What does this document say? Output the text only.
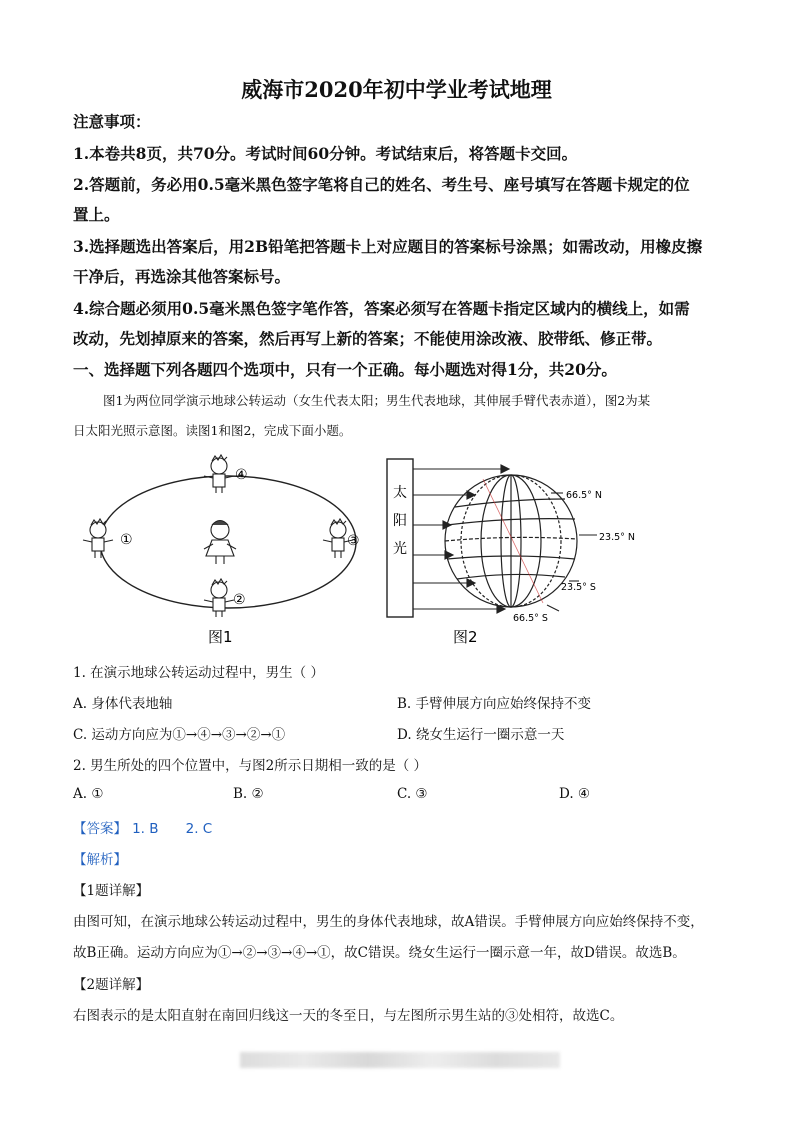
威海市2020年初中学业考试地理
注意事项：
1.本卷共8页，共70分。考试时间60分钟。考试结束后，将答题卡交回。
2.答题前，务必用0.5毫米黑色签字笔将自己的姓名、考生号、座号填写在答题卡规定的位
置上。
3.选择题选出答案后，用2B铅笔把答题卡上对应题目的答案标号涂黑；如需改动，用橡皮擦
干净后，再选涂其他答案标号。
4.综合题必须用0.5毫米黑色签字笔作答，答案必须写在答题卡指定区域内的横线上，如需
改动，先划掉原来的答案，然后再写上新的答案；不能使用涂改液、胶带纸、修正带。
一、选择题下列各题四个选项中，只有一个正确。每小题选对得1分，共20分。
图1为两位同学演示地球公转运动（女生代表太阳；男生代表地球，其伸展手臂代表赤道），图2为某
日太阳光照示意图。读图1和图2，完成下面小题。
①
②
③
④
图1
太
阳
光
66.5° N
23.5° N
23.5° S
66.5° S
图2
1. 在演示地球公转运动过程中，男生（ ）
A. 身体代表地轴	B. 手臂伸展方向应始终保持不变
C. 运动方向应为①→④→③→②→①	D. 绕女生运行一圈示意一天
2. 男生所处的四个位置中，与图2所示日期相一致的是（ ）
A. ①	B. ②	C. ③	D. ④
【答案】 1. B 2. C
【解析】
【1题详解】
由图可知，在演示地球公转运动过程中，男生的身体代表地球，故A错误。手臂伸展方向应始终保持不变，
故B正确。运动方向应为①→②→③→④→①，故C错误。绕女生运行一圈示意一年，故D错误。故选B。
【2题详解】
右图表示的是太阳直射在南回归线这一天的冬至日，与左图所示男生站的③处相符，故选C。
